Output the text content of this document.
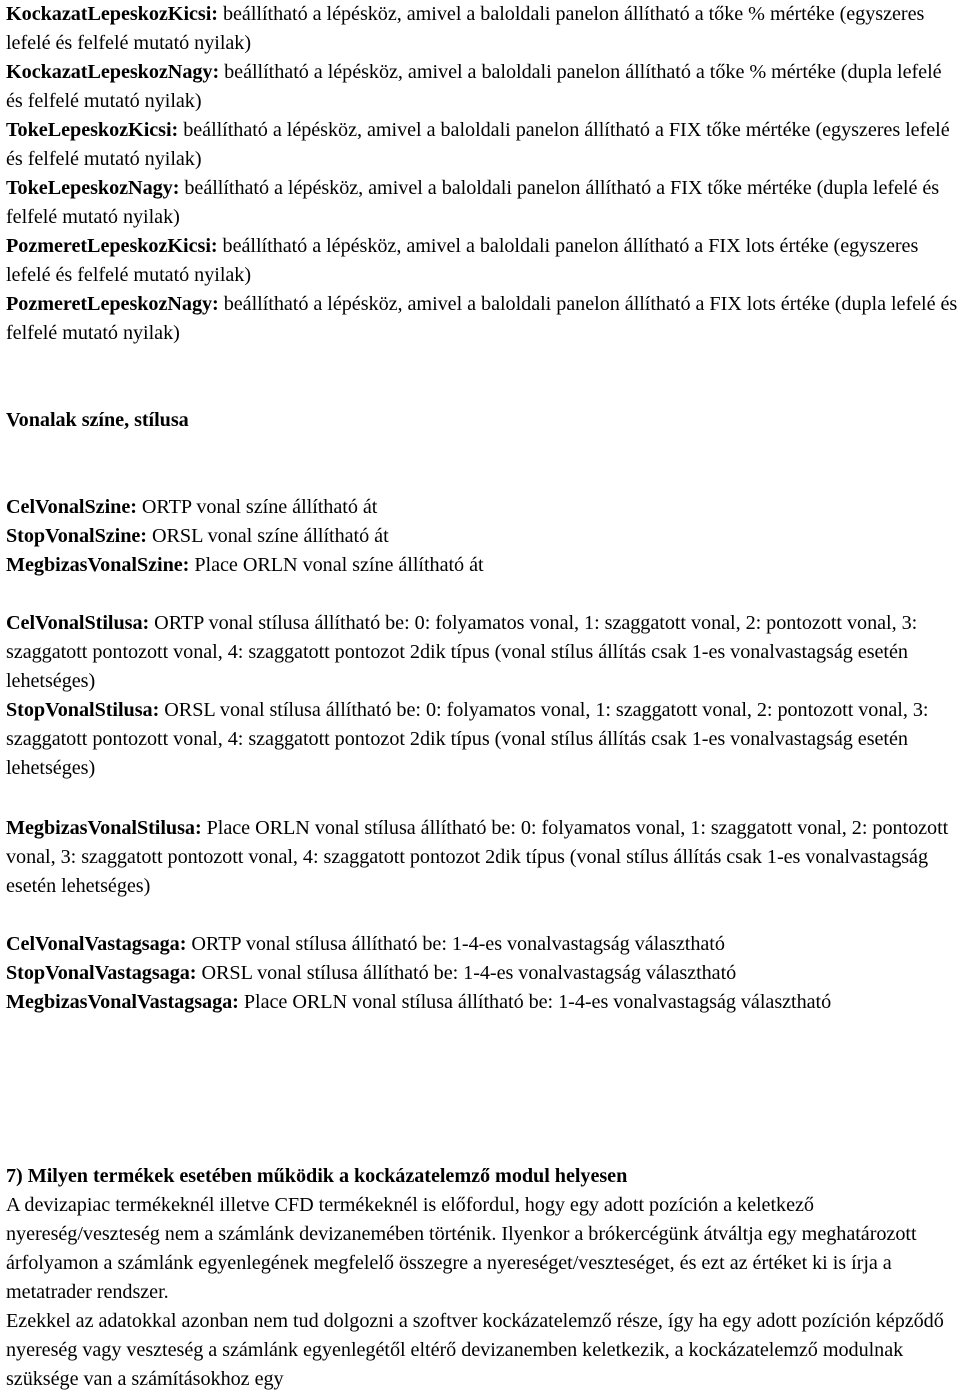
KockazatLepeskozKicsi: beállítható a lépésköz, amivel a baloldali panelon állítható a tőke % mértéke (egyszeres lefelé és felfelé mutató nyilak)

KockazatLepeskozNagy: beállítható a lépésköz, amivel a baloldali panelon állítható a tőke % mértéke (dupla lefelé és felfelé mutató nyilak)

TokeLepeskozKicsi: beállítható a lépésköz, amivel a baloldali panelon állítható a FIX tőke mértéke (egyszeres lefelé és felfelé mutató nyilak)

TokeLepeskozNagy: beállítható a lépésköz, amivel a baloldali panelon állítható a FIX tőke mértéke (dupla lefelé és felfelé mutató nyilak)

PozmeretLepeskozKicsi: beállítható a lépésköz, amivel a baloldali panelon állítható a FIX lots értéke (egyszeres lefelé és felfelé mutató nyilak)

PozmeretLepeskozNagy: beállítható a lépésköz, amivel a baloldali panelon állítható a FIX lots értéke (dupla lefelé és felfelé mutató nyilak)

Vonalak színe, stílusa

CelVonalSzine: ORTP vonal színe állítható át

StopVonalSzine: ORSL vonal színe állítható át

MegbizasVonalSzine: Place ORLN vonal színe állítható át

CelVonalStilusa: ORTP vonal stílusa állítható be: 0: folyamatos vonal, 1: szaggatott vonal, 2: pontozott vonal, 3: szaggatott pontozott vonal, 4: szaggatott pontozot 2dik típus (vonal stílus állítás csak 1-es vonalvastagság esetén lehetséges)

StopVonalStilusa: ORSL vonal stílusa állítható be: 0: folyamatos vonal, 1: szaggatott vonal, 2: pontozott vonal, 3: szaggatott pontozott vonal, 4: szaggatott pontozot 2dik típus (vonal stílus állítás csak 1-es vonalvastagság esetén lehetséges)

MegbizasVonalStilusa: Place ORLN vonal stílusa állítható be: 0: folyamatos vonal, 1: szaggatott vonal, 2: pontozott vonal, 3: szaggatott pontozott vonal, 4: szaggatott pontozot 2dik típus (vonal stílus állítás csak 1-es vonalvastagság esetén lehetséges)

CelVonalVastagsaga: ORTP vonal stílusa állítható be: 1-4-es vonalvastagság választható

StopVonalVastagsaga: ORSL vonal stílusa állítható be: 1-4-es vonalvastagság választható

MegbizasVonalVastagsaga: Place ORLN vonal stílusa állítható be: 1-4-es vonalvastagság választható

7) Milyen termékek esetében működik a kockázatelemző modul helyesen

A devizapiac termékeknél illetve CFD termékeknél is előfordul, hogy egy adott pozíción a keletkező nyereség/veszteség nem a számlánk devizanemében történik. Ilyenkor a brókercégünk átváltja egy meghatározott árfolyamon a számlánk egyenlegének megfelelő összegre a nyereséget/veszteséget, és ezt az értéket ki is írja a metatrader rendszer.

Ezekkel az adatokkal azonban nem tud dolgozni a szoftver kockázatelemző része, így ha egy adott pozíción képződő nyereség vagy veszteség a számlánk egyenlegétől eltérő devizanemben keletkezik, a kockázatelemző modulnak szüksége van a számításokhoz egy
